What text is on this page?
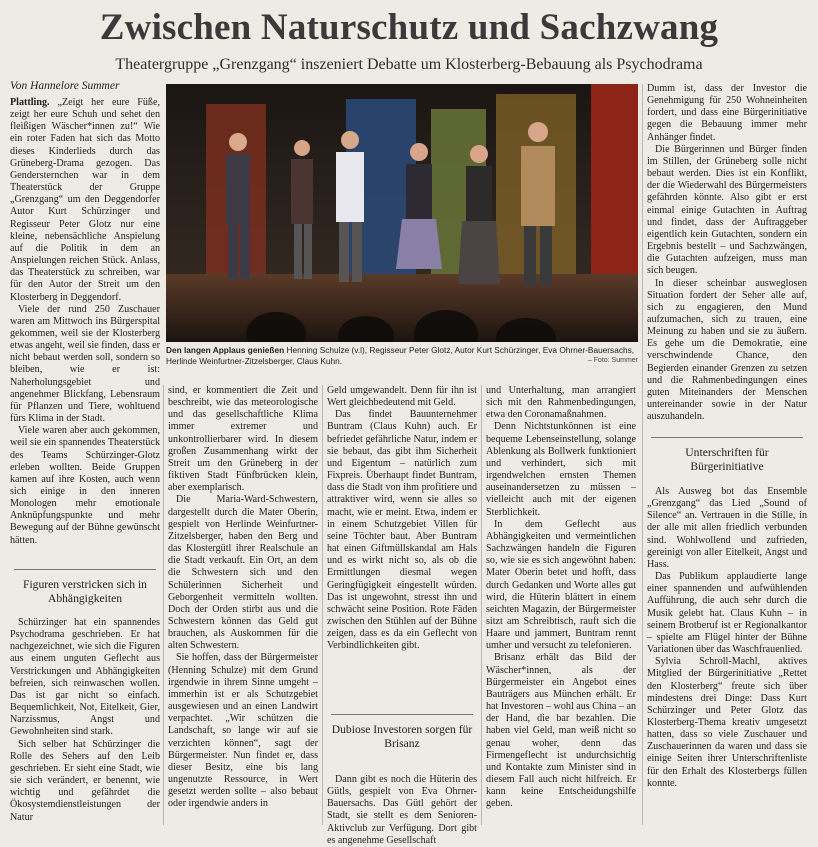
Zwischen Naturschutz und Sachzwang
Theatergruppe „Grenzgang“ inszeniert Debatte um Klosterberg-Bebauung als Psychodrama
Von Hannelore Summer
Den langen Applaus genießen Henning Schulze (v.l), Regisseur Peter Glotz, Autor Kurt Schürzinger, Eva Ohrner-Bauersachs, Herlinde Weinfurtner-Zitzelsberger, Claus Kuhn.	– Foto: Summer

Plattling. „Zeigt her eure Füße, zeigt her eure Schuh und sehet den fleißigen Wäscher*innen zu!“ Wie ein roter Faden hat sich das Motto dieses Kinderlieds durch das Grüneberg-Drama gezogen. Das Gendersternchen war in dem Theaterstück der Gruppe „Grenzgang“ um den Deggendorfer Autor Kurt Schürzinger und Regisseur Peter Glotz nur eine kleine, nebensächliche Anspielung auf die Politik in dem an Anspielungen reichen Stück. Anlass, das Theaterstück zu schreiben, war für den Autor der Streit um den Klosterberg in Deggendorf.

Viele der rund 250 Zuschauer waren am Mittwoch ins Bürgerspital gekommen, weil sie der Klosterberg etwas angeht, weil sie finden, dass er nicht bebaut werden soll, sondern so bleiben, wie er ist: Naherholungsgebiet und angenehmer Blickfang, Lebensraum für Pflanzen und Tiere, wohltuend fürs Klima in der Stadt.

Viele waren aber auch gekommen, weil sie ein spannendes Theaterstück des Teams Schürzinger-Glotz erleben wollten. Beide Gruppen kamen auf ihre Kosten, auch wenn sich einige in den inneren Monologen mehr emotionale Anknüpfungspunkte und mehr Bewegung auf der Bühne gewünscht hätten.

Figuren verstricken sich in Abhängigkeiten

Schürzinger hat ein spannendes Psychodrama geschrieben. Er hat nachgezeichnet, wie sich die Figuren aus einem unguten Geflecht aus Verstrickungen und Abhängigkeiten befreien, sich reinwaschen wollen. Das ist gar nicht so einfach. Bequemlichkeit, Not, Eitelkeit, Gier, Narzissmus, Angst und Gewohnheiten sind stark.

Sich selber hat Schürzinger die Rolle des Sehers auf den Leib geschrieben. Er sieht eine Stadt, wie sie sich verändert, er benennt, wie wichtig und gefährdet die Ökosystemdienstleistungen der Natur

sind, er kommentiert die Zeit und beschreibt, wie das meteorologische und das gesellschaftliche Klima immer extremer und unkontrollierbarer wird. In diesem großen Zusammenhang wirkt der Streit um den Grüneberg in der fiktiven Stadt Fünfbrücken klein, aber exemplarisch.

Die Maria-Ward-Schwestern, dargestellt durch die Mater Oberin, gespielt von Herlinde Weinfurtner-Zitzelsberger, haben den Berg und das Klostergütl ihrer Realschule an die Stadt verkauft. Ein Ort, an dem die Schwestern sich und den Schülerinnen Sicherheit und Geborgenheit vermitteln wollten. Doch der Orden stirbt aus und die Schwestern können das Geld gut brauchen, als Auskommen für die alten Schwestern.

Sie hoffen, dass der Bürgermeister (Henning Schulze) mit dem Grund irgendwie in ihrem Sinne umgeht – immerhin ist er als Schutzgebiet ausgewiesen und an einen Landwirt verpachtet. „Wir schützen die Landschaft, so lange wir auf sie verzichten können“, sagt der Bürgermeister. Nun findet er, dass dieser Besitz, eine bis lang ungenutzte Ressource, in Wert gesetzt werden sollte – also bebaut oder irgendwie anders in

Geld umgewandelt. Denn für ihn ist Wert gleichbedeutend mit Geld.

Das findet Bauunternehmer Buntram (Claus Kuhn) auch. Er befriedet gefährliche Natur, indem er sie bebaut, das gibt ihm Sicherheit und Eigentum – natürlich zum Fixpreis. Überhaupt findet Buntram, dass die Stadt von ihm profitiere und attraktiver wird, wenn sie alles so macht, wie er meint. Etwa, indem er in einem Schutzgebiet Villen für seine Töchter baut. Aber Buntram hat einen Giftmüllskandal am Hals und es wirkt nicht so, als ob die Ermittlungen diesmal wegen Geringfügigkeit eingestellt würden. Das ist ungewohnt, stresst ihn und schwächt seine Position. Rote Fäden zwischen den Stühlen auf der Bühne zeigen, dass es da ein Geflecht von Verbindlichkeiten gibt.

Dubiose Investoren sorgen für Brisanz

Dann gibt es noch die Hüterin des Gütls, gespielt von Eva Ohrner-Bauersachs. Das Gütl gehört der Stadt, sie stellt es dem Senioren-Aktivclub zur Verfügung. Dort gibt es angenehme Gesellschaft

und Unterhaltung, man arrangiert sich mit den Rahmenbedingungen, etwa den Coronamaßnahmen.

Denn Nichtstunkönnen ist eine bequeme Lebenseinstellung, solange Ablenkung als Bollwerk funktioniert und verhindert, sich mit irgendwelchen ernsten Themen auseinandersetzen zu müssen – vielleicht auch mit der eigenen Sterblichkeit.

In dem Geflecht aus Abhängigkeiten und vermeintlichen Sachzwängen handeln die Figuren so, wie sie es sich angewöhnt haben: Mater Oberin betet und hofft, dass durch Gedanken und Worte alles gut wird, die Hüterin blättert in einem seichten Magazin, der Bürgermeister sitzt am Schreibtisch, rauft sich die Haare und jammert, Buntram rennt umher und versucht zu telefonieren.

Brisanz erhält das Bild der Wäscher*innen, als der Bürgermeister ein Angebot eines Bauträgers aus München erhält. Er hat Investoren – wohl aus China – an der Hand, die bar bezahlen. Die haben viel Geld, man weiß nicht so genau woher, denn das Firmengeflecht ist undurchsichtig und Kontakte zum Minister sind in diesem Fall auch nicht hilfreich. Er kann keine Entscheidungshilfe geben.

Dumm ist, dass der Investor die Genehmigung für 250 Wohneinheiten fordert, und dass eine Bürgerinitiative gegen die Bebauung immer mehr Anhänger findet.

Die Bürgerinnen und Bürger finden im Stillen, der Grüneberg solle nicht bebaut werden. Dies ist ein Konflikt, der die Wiederwahl des Bürgermeisters gefährden könnte. Also gibt er erst einmal einige Gutachten in Auftrag und findet, dass der Auftraggeber eigentlich kein Gutachten, sondern ein Ergebnis bestellt – und Sachzwängen, die Gutachten aufzeigen, muss man sich beugen.

In dieser scheinbar ausweglosen Situation fordert der Seher alle auf, sich zu engagieren, den Mund aufzumachen, sich zu trauen, eine Meinung zu haben und sie zu äußern. Es gehe um die Demokratie, eine verschwindende Chance, den Begierden einander Grenzen zu setzen und die Rahmenbedingungen eines guten Miteinanders der Menschen untereinander sowie in der Natur auszuhandeln.

Unterschriften für Bürgerinitiative

Als Ausweg bot das Ensemble „Grenzgang“ das Lied „Sound of Silence“ an. Vertrauen in die Stille, in der alle mit allen friedlich verbunden sind. Wohlwollend und zufrieden, gereinigt von aller Eitelkeit, Angst und Hass.

Das Publikum applaudierte lange einer spannenden und aufwühlenden Aufführung, die auch sehr durch die Musik gelebt hat. Claus Kuhn – in seinem Brotberuf ist er Regionalkantor – spielte am Flügel hinter der Bühne Variationen über das Waschfrauenlied.

Sylvia Schroll-Machl, aktives Mitglied der Bürgerinitiative „Rettet den Klosterberg“ freute sich über mindestens drei Dinge: Dass Kurt Schürzinger und Peter Glotz das Klosterberg-Thema kreativ umgesetzt hatten, dass so viele Zuschauer und Zuschauerinnen da waren und dass sie einige Seiten ihrer Unterschriftenliste für den Erhalt des Klosterbergs füllen konnte.
